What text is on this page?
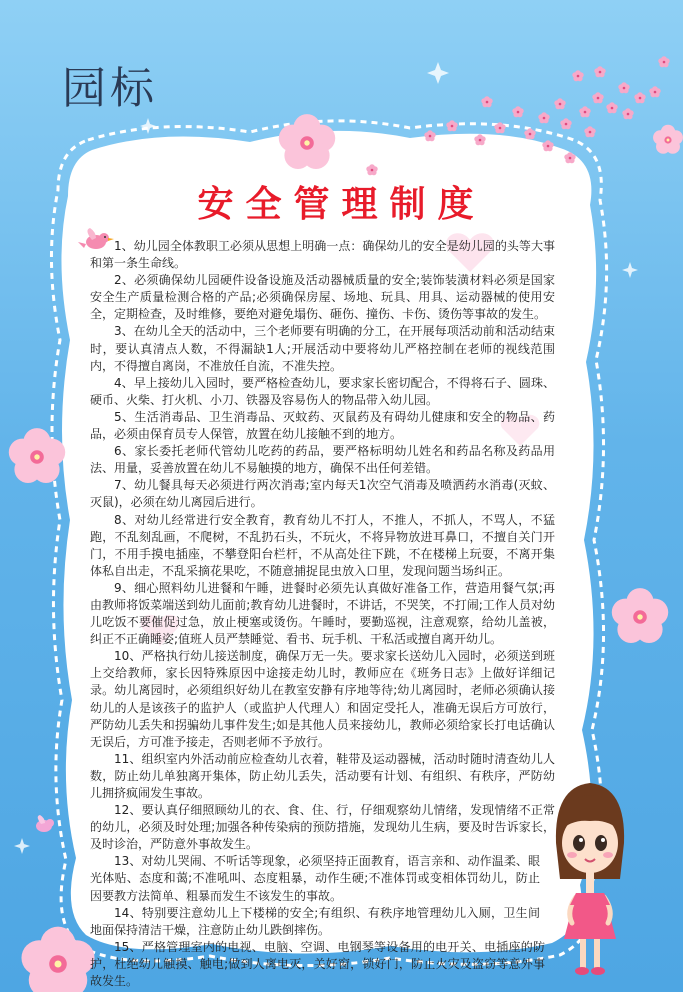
园标
安全管理制度

1、幼儿园全体教职工必须从思想上明确一点：确保幼儿的安全是幼儿园的头等大事和第一条生命线。

2、必须确保幼儿园硬件设备设施及活动器械质量的安全;装饰装潢材料必须是国家安全生产质量检测合格的产品;必须确保房屋、场地、玩具、用具、运动器械的使用安全，定期检查，及时维修，要绝对避免塌伤、砸伤、撞伤、卡伤、烫伤等事故的发生。

3、在幼儿全天的活动中，三个老师要有明确的分工，在开展每项活动前和活动结束时，要认真清点人数，不得漏缺1人;开展活动中要将幼儿严格控制在老师的视线范围内，不得擅自离岗，不准放任自流，不准失控。

4、早上接幼儿入园时，要严格检查幼儿，要求家长密切配合，不得将石子、圆珠、硬币、火柴、打火机、小刀、铁器及容易伤人的物品带入幼儿园。

5、生活消毒品、卫生消毒品、灭蚊药、灭鼠药及有碍幼儿健康和安全的物品、药品，必须由保育员专人保管，放置在幼儿接触不到的地方。

6、家长委托老师代管幼儿吃药的药品，要严格标明幼儿姓名和药品名称及药品用法、用量，妥善放置在幼儿不易触摸的地方，确保不出任何差错。

7、幼儿餐具每天必须进行两次消毒;室内每天1次空气消毒及喷洒药水消毒(灭蚊、灭鼠)，必须在幼儿离园后进行。

8、对幼儿经常进行安全教育，教育幼儿不打人，不推人，不抓人，不骂人，不猛跑，不乱刻乱画，不爬树，不乱扔石头，不玩火，不将异物放进耳鼻口，不擅自关门开门，不用手摸电插座，不攀登阳台栏杆，不从高处往下跳，不在楼梯上玩耍，不离开集体私自出走，不乱采摘花果吃，不随意捕捉昆虫放入口里，发现问题当场纠正。

9、细心照料幼儿进餐和午睡，进餐时必须先认真做好准备工作，营造用餐气氛;再由教师将饭菜端送到幼儿面前;教育幼儿进餐时，不讲话，不哭笑，不打闹;工作人员对幼儿吃饭不要催促过急，放止梗塞或烫伤。午睡时，要勤巡视，注意观察，给幼儿盖被，纠正不正确睡姿;值班人员严禁睡觉、看书、玩手机、干私活或擅自离开幼儿。

10、严格执行幼儿接送制度，确保万无一失。要求家长送幼儿入园时，必须送到班上交给教师，家长因特殊原因中途接走幼儿时，教师应在《班务日志》上做好详细记录。幼儿离园时，必须组织好幼儿在教室安静有序地等待;幼儿离园时，老师必须确认接幼儿的人是该孩子的监护人（或监护人代理人）和固定受托人，准确无误后方可放行，严防幼儿丢失和拐骗幼儿事件发生;如是其他人员来接幼儿，教师必须给家长打电话确认无误后，方可准予接走，否则老师不予放行。

11、组织室内外活动前应检查幼儿衣着，鞋带及运动器械，活动时随时清查幼儿人数，防止幼儿单独离开集体，防止幼儿丢失，活动要有计划、有组织、有秩序，严防幼儿拥挤疯闹发生事故。

12、要认真仔细照顾幼儿的衣、食、住、行，仔细观察幼儿情绪，发现情绪不正常的幼儿，必须及时处理;加强各种传染病的预防措施，发现幼儿生病，要及时告诉家长，及时诊治，严防意外事故发生。

13、对幼儿哭闹、不听话等现象，必须坚持正面教育，语言亲和、动作温柔、眼光体贴、态度和蔼;不准吼叫、态度粗暴，动作生硬;不准体罚或变相体罚幼儿，防止因要教方法简单、粗暴而发生不该发生的事故。

14、特别要注意幼儿上下楼梯的安全;有组织、有秩序地管理幼儿入厕，卫生间地面保持清洁干燥，注意防止幼儿跌倒摔伤。

15、严格管理室内的电视、电脑、空调、电钢琴等设备用的电开关、电插座的防护，杜绝幼儿触摸、触电;做到人离电灭，关好窗，锁好门，防止火灾及盗窃等意外事故发生。
